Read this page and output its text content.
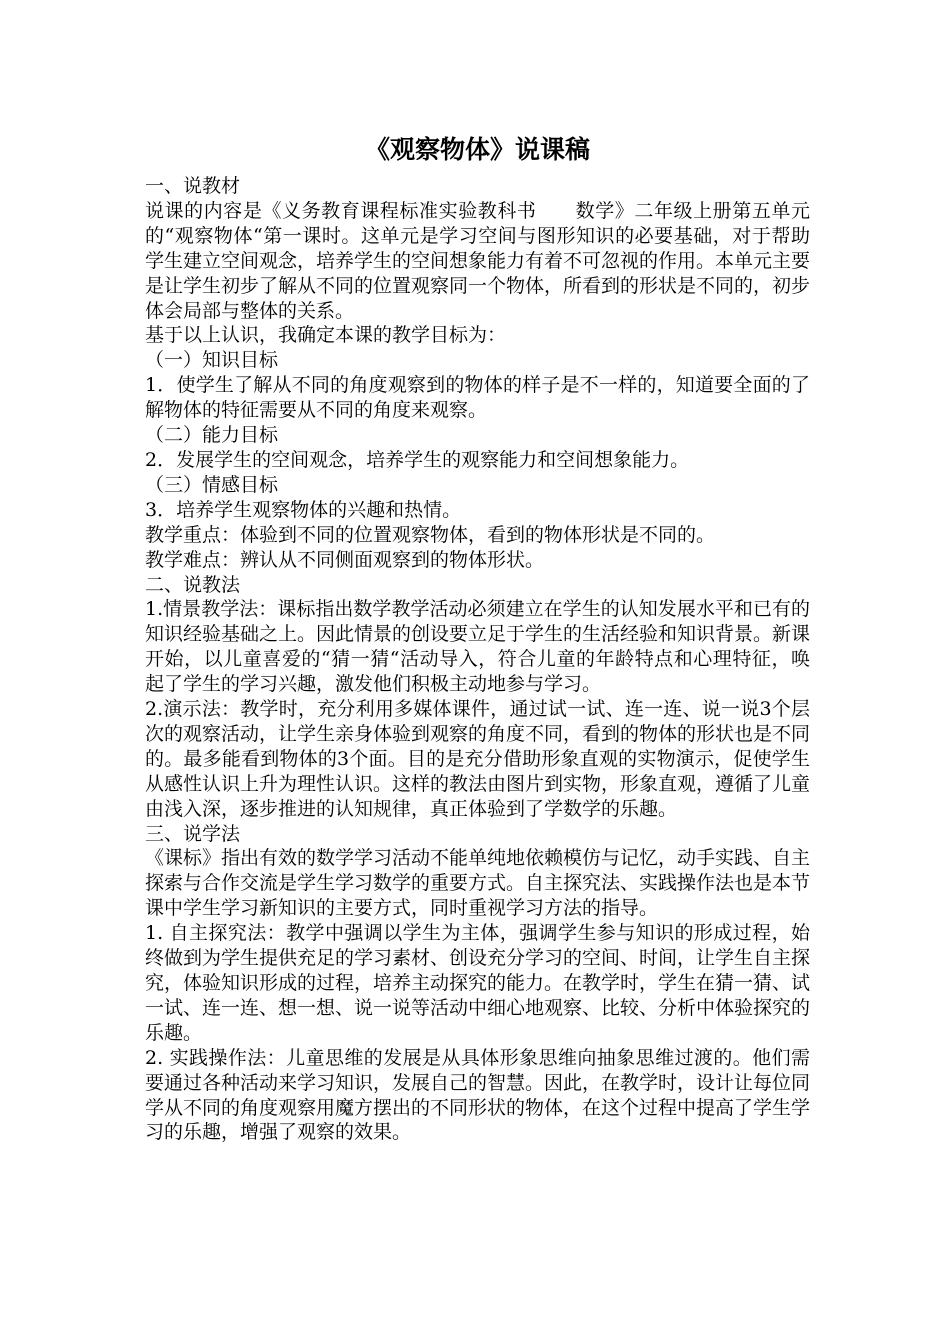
《观察物体》说课稿

一、说教材

说课的内容是《义务教育课程标准实验教科书　　数学》二年级上册第五单元的“观察物体“第一课时。这单元是学习空间与图形知识的必要基础，对于帮助学生建立空间观念，培养学生的空间想象能力有着不可忽视的作用。本单元主要是让学生初步了解从不同的位置观察同一个物体，所看到的形状是不同的，初步体会局部与整体的关系。

基于以上认识，我确定本课的教学目标为：

（一）知识目标

1．使学生了解从不同的角度观察到的物体的样子是不一样的，知道要全面的了解物体的特征需要从不同的角度来观察。

（二）能力目标

2．发展学生的空间观念，培养学生的观察能力和空间想象能力。

（三）情感目标

3．培养学生观察物体的兴趣和热情。

教学重点：体验到不同的位置观察物体，看到的物体形状是不同的。

教学难点：辨认从不同侧面观察到的物体形状。

二、说教法

1.情景教学法：课标指出数学教学活动必须建立在学生的认知发展水平和已有的知识经验基础之上。因此情景的创设要立足于学生的生活经验和知识背景。新课开始，以儿童喜爱的“猜一猜“活动导入，符合儿童的年龄特点和心理特征，唤起了学生的学习兴趣，激发他们积极主动地参与学习。

2.演示法：教学时，充分利用多媒体课件，通过试一试、连一连、说一说3个层次的观察活动，让学生亲身体验到观察的角度不同，看到的物体的形状也是不同的。最多能看到物体的3个面。目的是充分借助形象直观的实物演示，促使学生从感性认识上升为理性认识。这样的教法由图片到实物，形象直观，遵循了儿童由浅入深，逐步推进的认知规律，真正体验到了学数学的乐趣。

三、说学法

《课标》指出有效的数学学习活动不能单纯地依赖模仿与记忆，动手实践、自主探索与合作交流是学生学习数学的重要方式。自主探究法、实践操作法也是本节课中学生学习新知识的主要方式，同时重视学习方法的指导。

1. 自主探究法：教学中强调以学生为主体，强调学生参与知识的形成过程，始终做到为学生提供充足的学习素材、创设充分学习的空间、时间，让学生自主探究，体验知识形成的过程，培养主动探究的能力。在教学时，学生在猜一猜、试一试、连一连、想一想、说一说等活动中细心地观察、比较、分析中体验探究的乐趣。

2. 实践操作法：儿童思维的发展是从具体形象思维向抽象思维过渡的。他们需要通过各种活动来学习知识，发展自己的智慧。因此，在教学时，设计让每位同学从不同的角度观察用魔方摆出的不同形状的物体，在这个过程中提高了学生学习的乐趣，增强了观察的效果。
